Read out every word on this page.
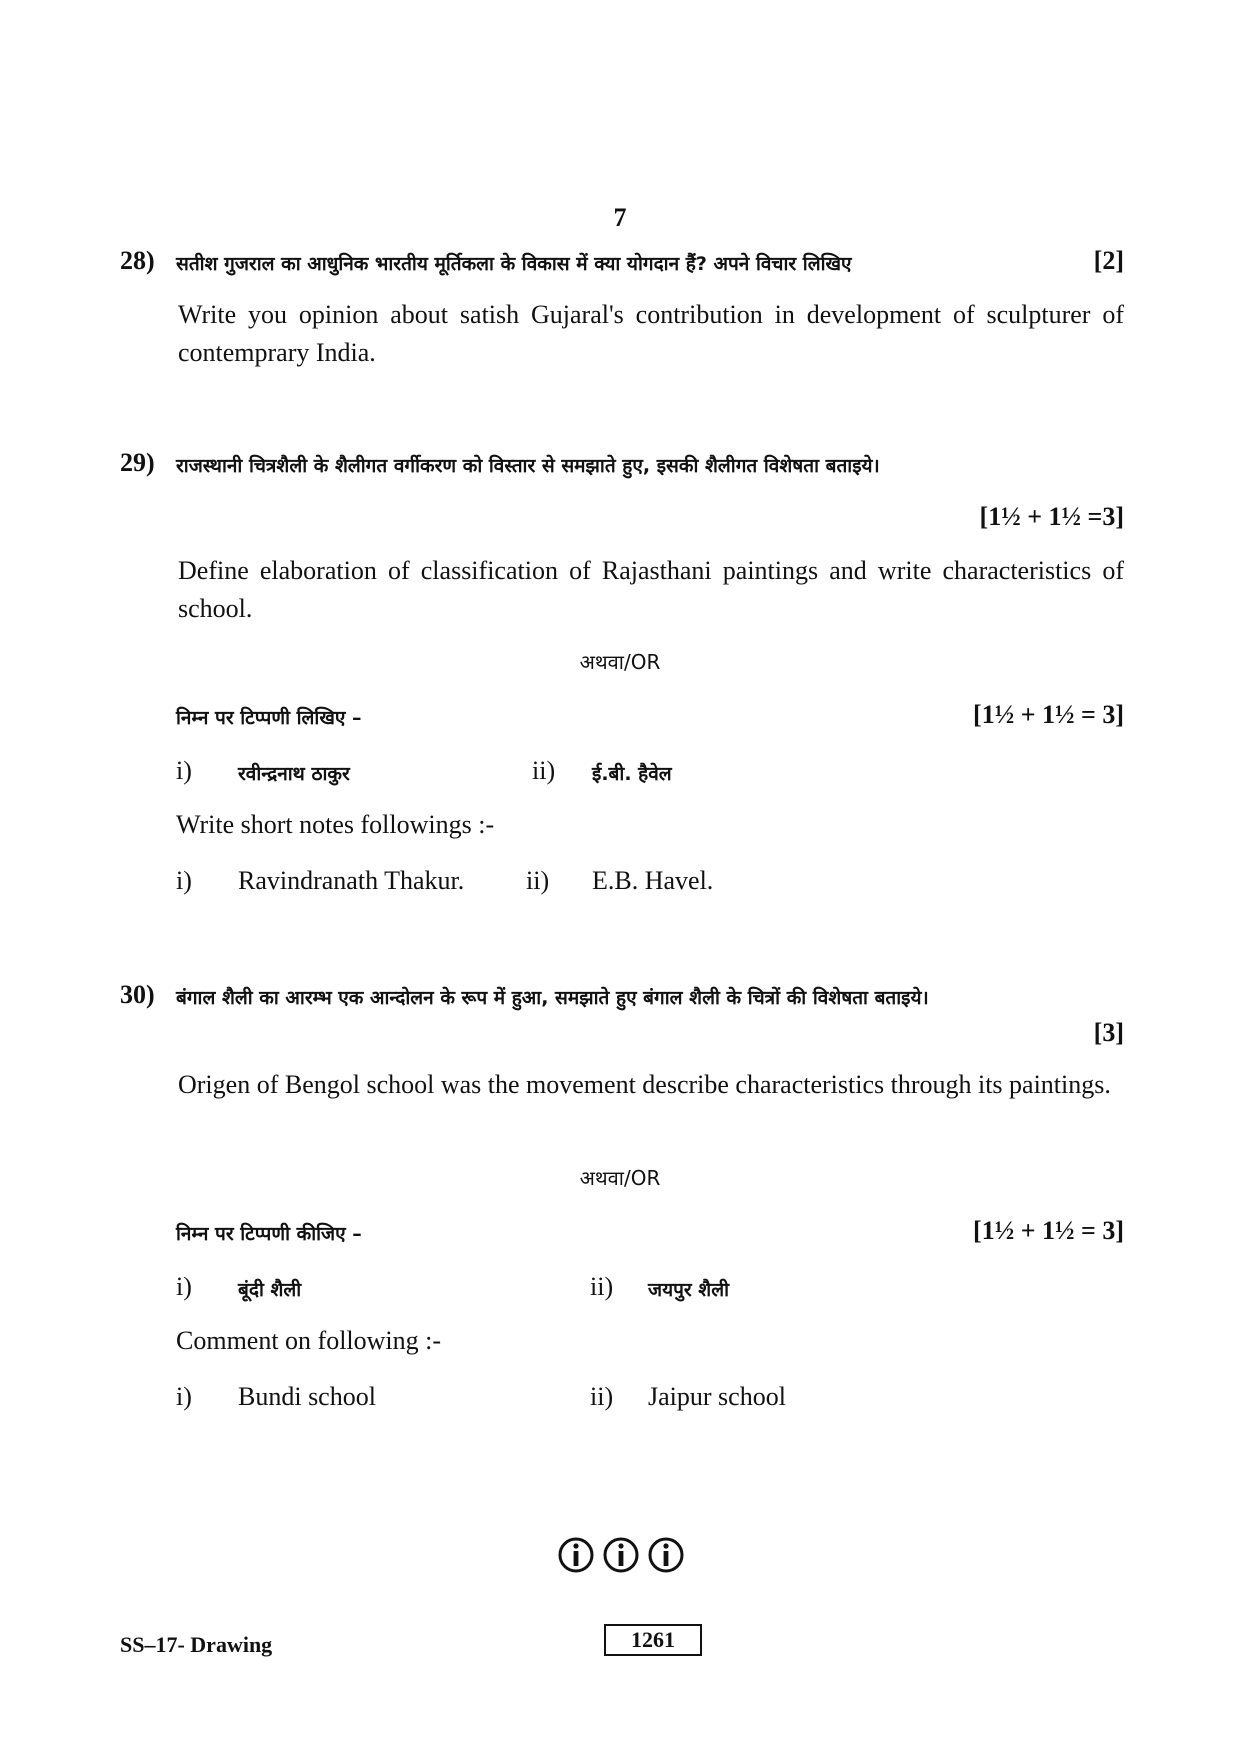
7
28) सतीश गुजराल का आधुनिक भारतीय मूर्तिकला के विकास में क्या योगदान हैं? अपने विचार लिखिए	[2]
Write you opinion about satish Gujaral's contribution in development of sculpturer of contemprary India.
29) राजस्थानी चित्रशैली के शैलीगत वर्गीकरण को विस्तार से समझाते हुए, इसकी शैलीगत विशेषता बताइये।
[1½ + 1½ =3]
Define elaboration of classification of Rajasthani paintings and write characteristics of school.
अथवा/OR
निम्न पर टिप्पणी लिखिए –	[1½ + 1½ = 3]
i) रवीन्द्रनाथ ठाकुर	ii) ई.बी. हैवेल
Write short notes followings :-
i) Ravindranath Thakur. ii) E.B. Havel.
30) बंगाल शैली का आरम्भ एक आन्दोलन के रूप में हुआ, समझाते हुए बंगाल शैली के चित्रों की विशेषता बताइये।
[3]
Origen of Bengol school was the movement describe characteristics through its paintings.
अथवा/OR
निम्न पर टिप्पणी कीजिए –	[1½ + 1½ = 3]
i) बूंदी शैली	ii) जयपुर शैली
Comment on following :-
i) Bundi school	ii) Jaipur school
SS–17- Drawing	1261
